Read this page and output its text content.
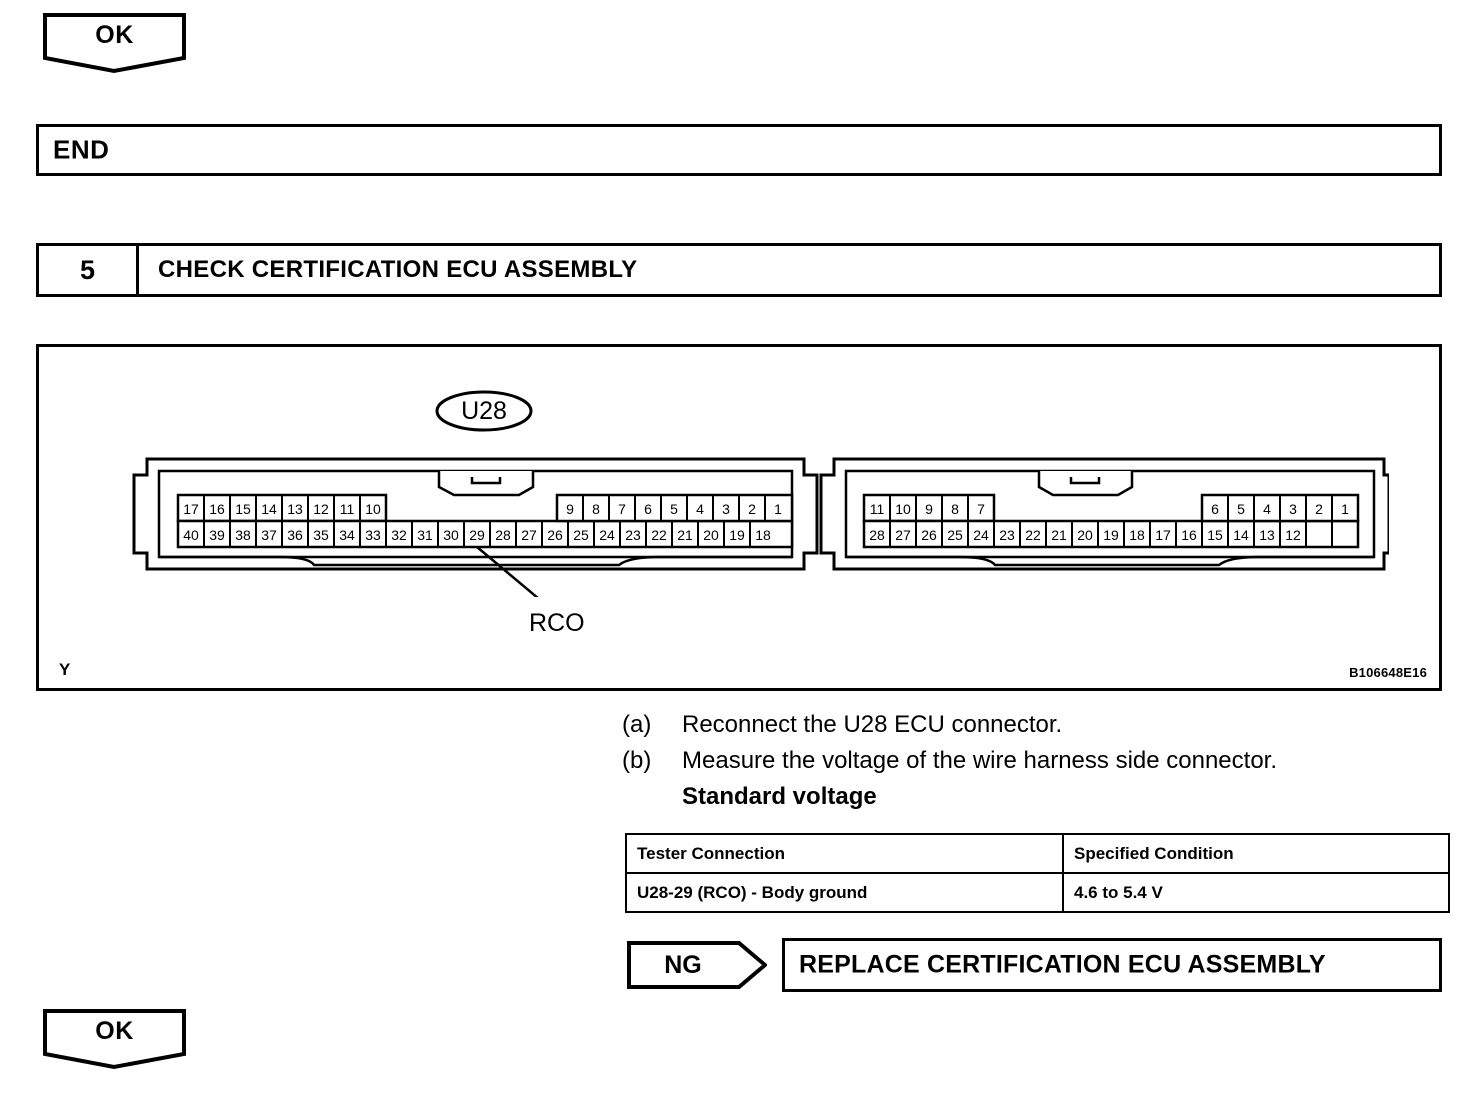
OK
END
5	CHECK CERTIFICATION ECU ASSEMBLY
U28
17 16 15 14 13 12 11 10	9 8 7 6 5 4 3 2 1
40 39 38 37 36 35 34 33 32 31 30 29 28 27 26 25 24 23 22 21 20 19 18
11 10 9 8 7	6 5 4 3 2 1
28 27 26 25 24 23 22 21 20 19 18 17 16 15 14 13 12
RCO
Y	B106648E16
(a)	Reconnect the U28 ECU connector.
(b)	Measure the voltage of the wire harness side connector.
Standard voltage
Tester Connection	Specified Condition
U28-29 (RCO) - Body ground	4.6 to 5.4 V
NG	REPLACE CERTIFICATION ECU ASSEMBLY
OK
